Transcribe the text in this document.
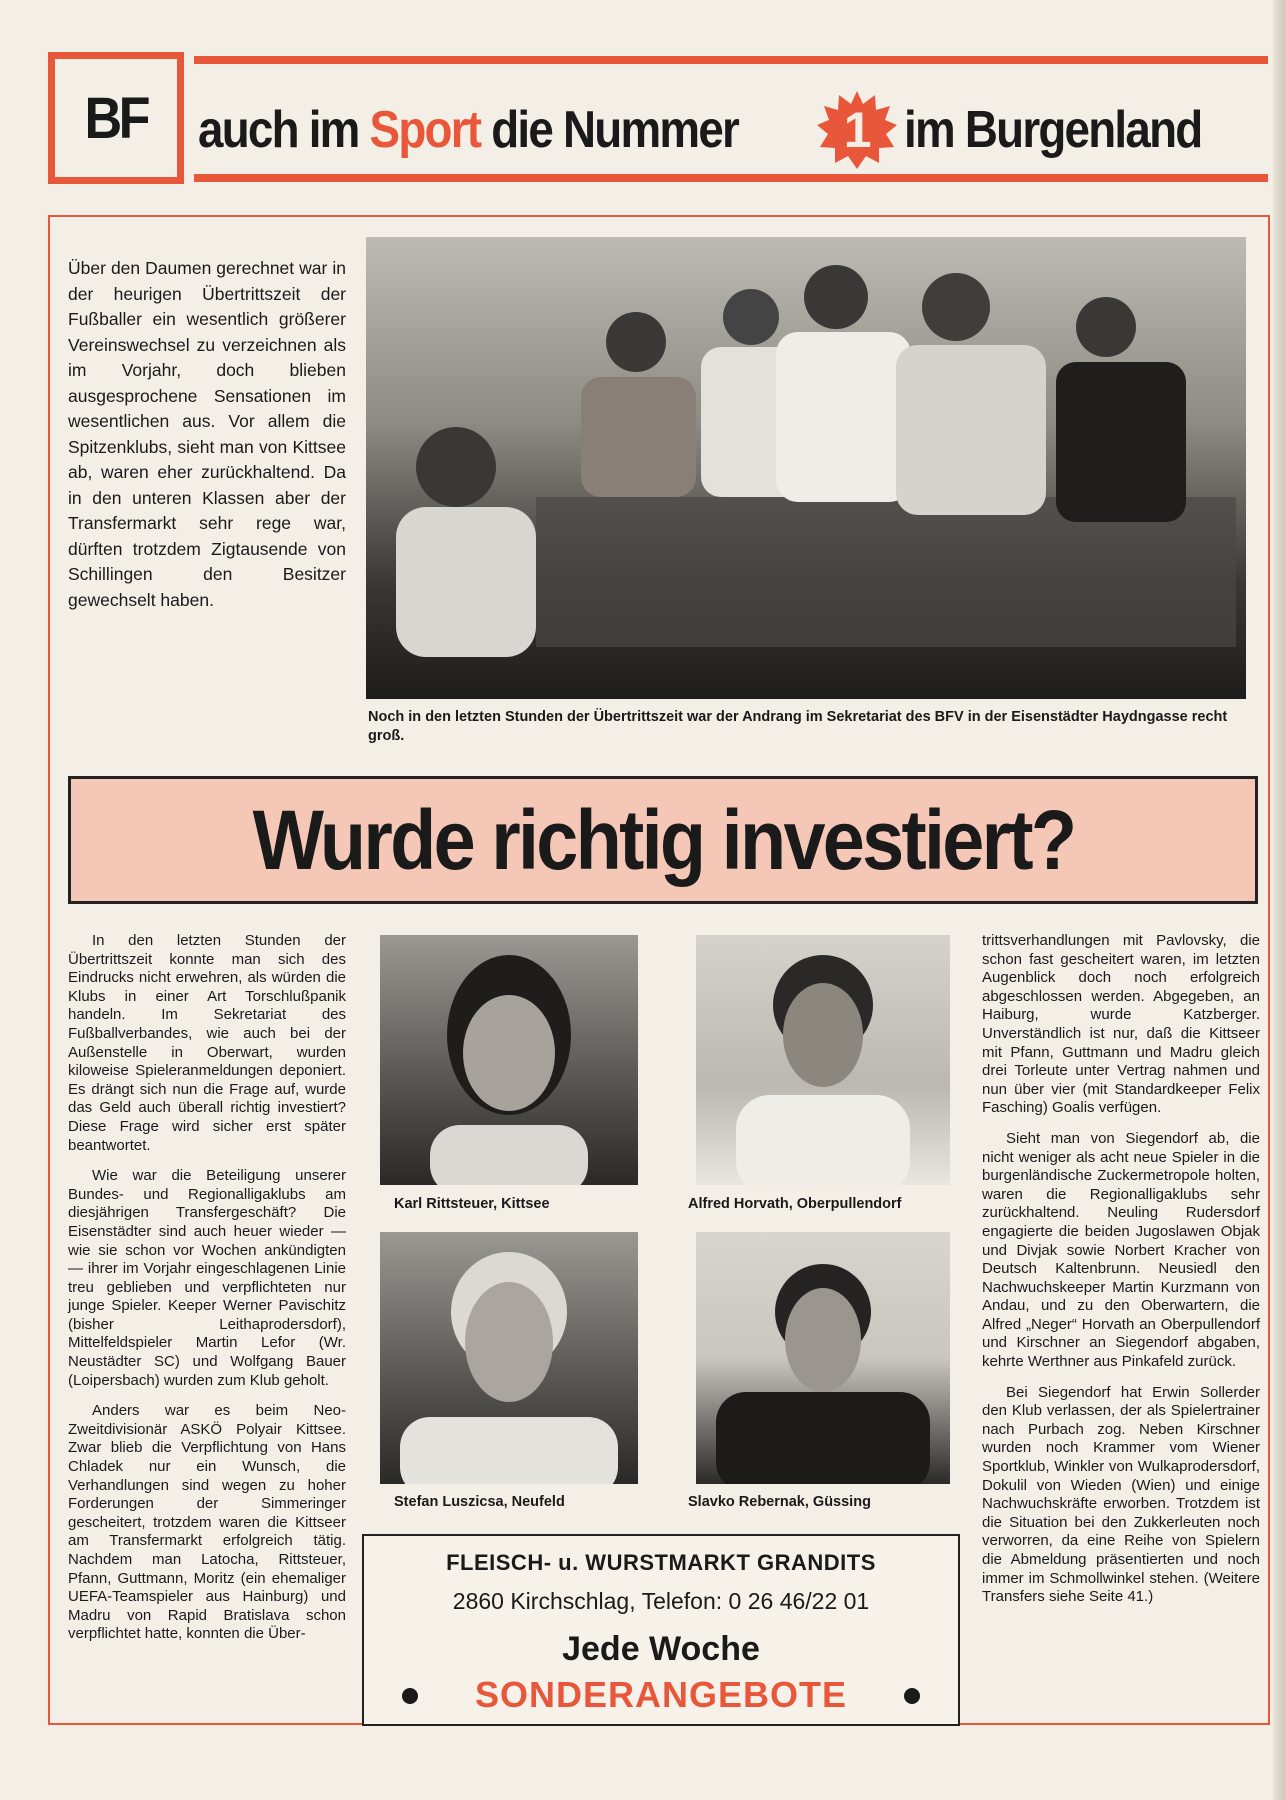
BF auch im Sport die Nummer	1 im Burgenland
Über den Daumen gerechnet war in der heurigen Übertrittszeit der Fußballer ein wesentlich größerer Vereinswechsel zu verzeichnen als im Vorjahr, doch blieben ausgesprochene Sensationen im wesentlichen aus. Vor allem die Spitzenklubs, sieht man von Kittsee ab, waren eher zurückhaltend. Da in den unteren Klassen aber der Transfermarkt sehr rege war, dürften trotzdem Zigtausende von Schillingen den Besitzer gewechselt haben.
Noch in den letzten Stunden der Übertrittszeit war der Andrang im Sekretariat des BFV in der Eisenstädter Haydngasse recht groß.
Wurde richtig investiert?

In den letzten Stunden der Übertrittszeit konnte man sich des Eindrucks nicht erwehren, als würden die Klubs in einer Art Torschlußpanik handeln. Im Sekretariat des Fußballverbandes, wie auch bei der Außenstelle in Oberwart, wurden kiloweise Spieleranmeldungen deponiert. Es drängt sich nun die Frage auf, wurde das Geld auch überall richtig investiert? Diese Frage wird sicher erst später beantwortet.

Wie war die Beteiligung unserer Bundes- und Regionalligaklubs am diesjährigen Transfergeschäft? Die Eisenstädter sind auch heuer wieder — wie sie schon vor Wochen ankündigten — ihrer im Vorjahr eingeschlagenen Linie treu geblieben und verpflichteten nur junge Spieler. Keeper Werner Pavischitz (bisher Leithaprodersdorf), Mittelfeldspieler Martin Lefor (Wr. Neustädter SC) und Wolfgang Bauer (Loipersbach) wurden zum Klub geholt.

Anders war es beim Neo-Zweitdivisionär ASKÖ Polyair Kittsee. Zwar blieb die Verpflichtung von Hans Chladek nur ein Wunsch, die Verhandlungen sind wegen zu hoher Forderungen der Simmeringer gescheitert, trotzdem waren die Kittseer am Transfermarkt erfolgreich tätig. Nachdem man Latocha, Rittsteuer, Pfann, Guttmann, Moritz (ein ehemaliger UEFA-Teamspieler aus Hainburg) und Madru von Rapid Bratislava schon verpflichtet hatte, konnten die Über-

Karl Rittsteuer, Kittsee	Alfred Horvath, Oberpullendorf
Stefan Luszicsa, Neufeld	Slavko Rebernak, Güssing

trittsverhandlungen mit Pavlovsky, die schon fast gescheitert waren, im letzten Augenblick doch noch erfolgreich abgeschlossen werden. Abgegeben, an Haiburg, wurde Katzberger. Unverständlich ist nur, daß die Kittseer mit Pfann, Guttmann und Madru gleich drei Torleute unter Vertrag nahmen und nun über vier (mit Standardkeeper Felix Fasching) Goalis verfügen.

Sieht man von Siegendorf ab, die nicht weniger als acht neue Spieler in die burgenländische Zuckermetropole holten, waren die Regionalligaklubs sehr zurückhaltend. Neuling Rudersdorf engagierte die beiden Jugoslawen Objak und Divjak sowie Norbert Kracher von Deutsch Kaltenbrunn. Neusiedl den Nachwuchskeeper Martin Kurzmann von Andau, und zu den Oberwartern, die Alfred „Neger“ Horvath an Oberpullendorf und Kirschner an Siegendorf abgaben, kehrte Werthner aus Pinkafeld zurück.

Bei Siegendorf hat Erwin Sollerder den Klub verlassen, der als Spielertrainer nach Purbach zog. Neben Kirschner wurden noch Krammer vom Wiener Sportklub, Winkler von Wulkaprodersdorf, Dokulil von Wieden (Wien) und einige Nachwuchskräfte erworben. Trotzdem ist die Situation bei den Zukkerleuten noch verworren, da eine Reihe von Spielern die Abmeldung präsentierten und noch immer im Schmollwinkel stehen. (Weitere Transfers siehe Seite 41.)

FLEISCH- u. WURSTMARKT GRANDITS
2860 Kirchschlag, Telefon: 0 26 46/22 01
Jede Woche
SONDERANGEBOTE
